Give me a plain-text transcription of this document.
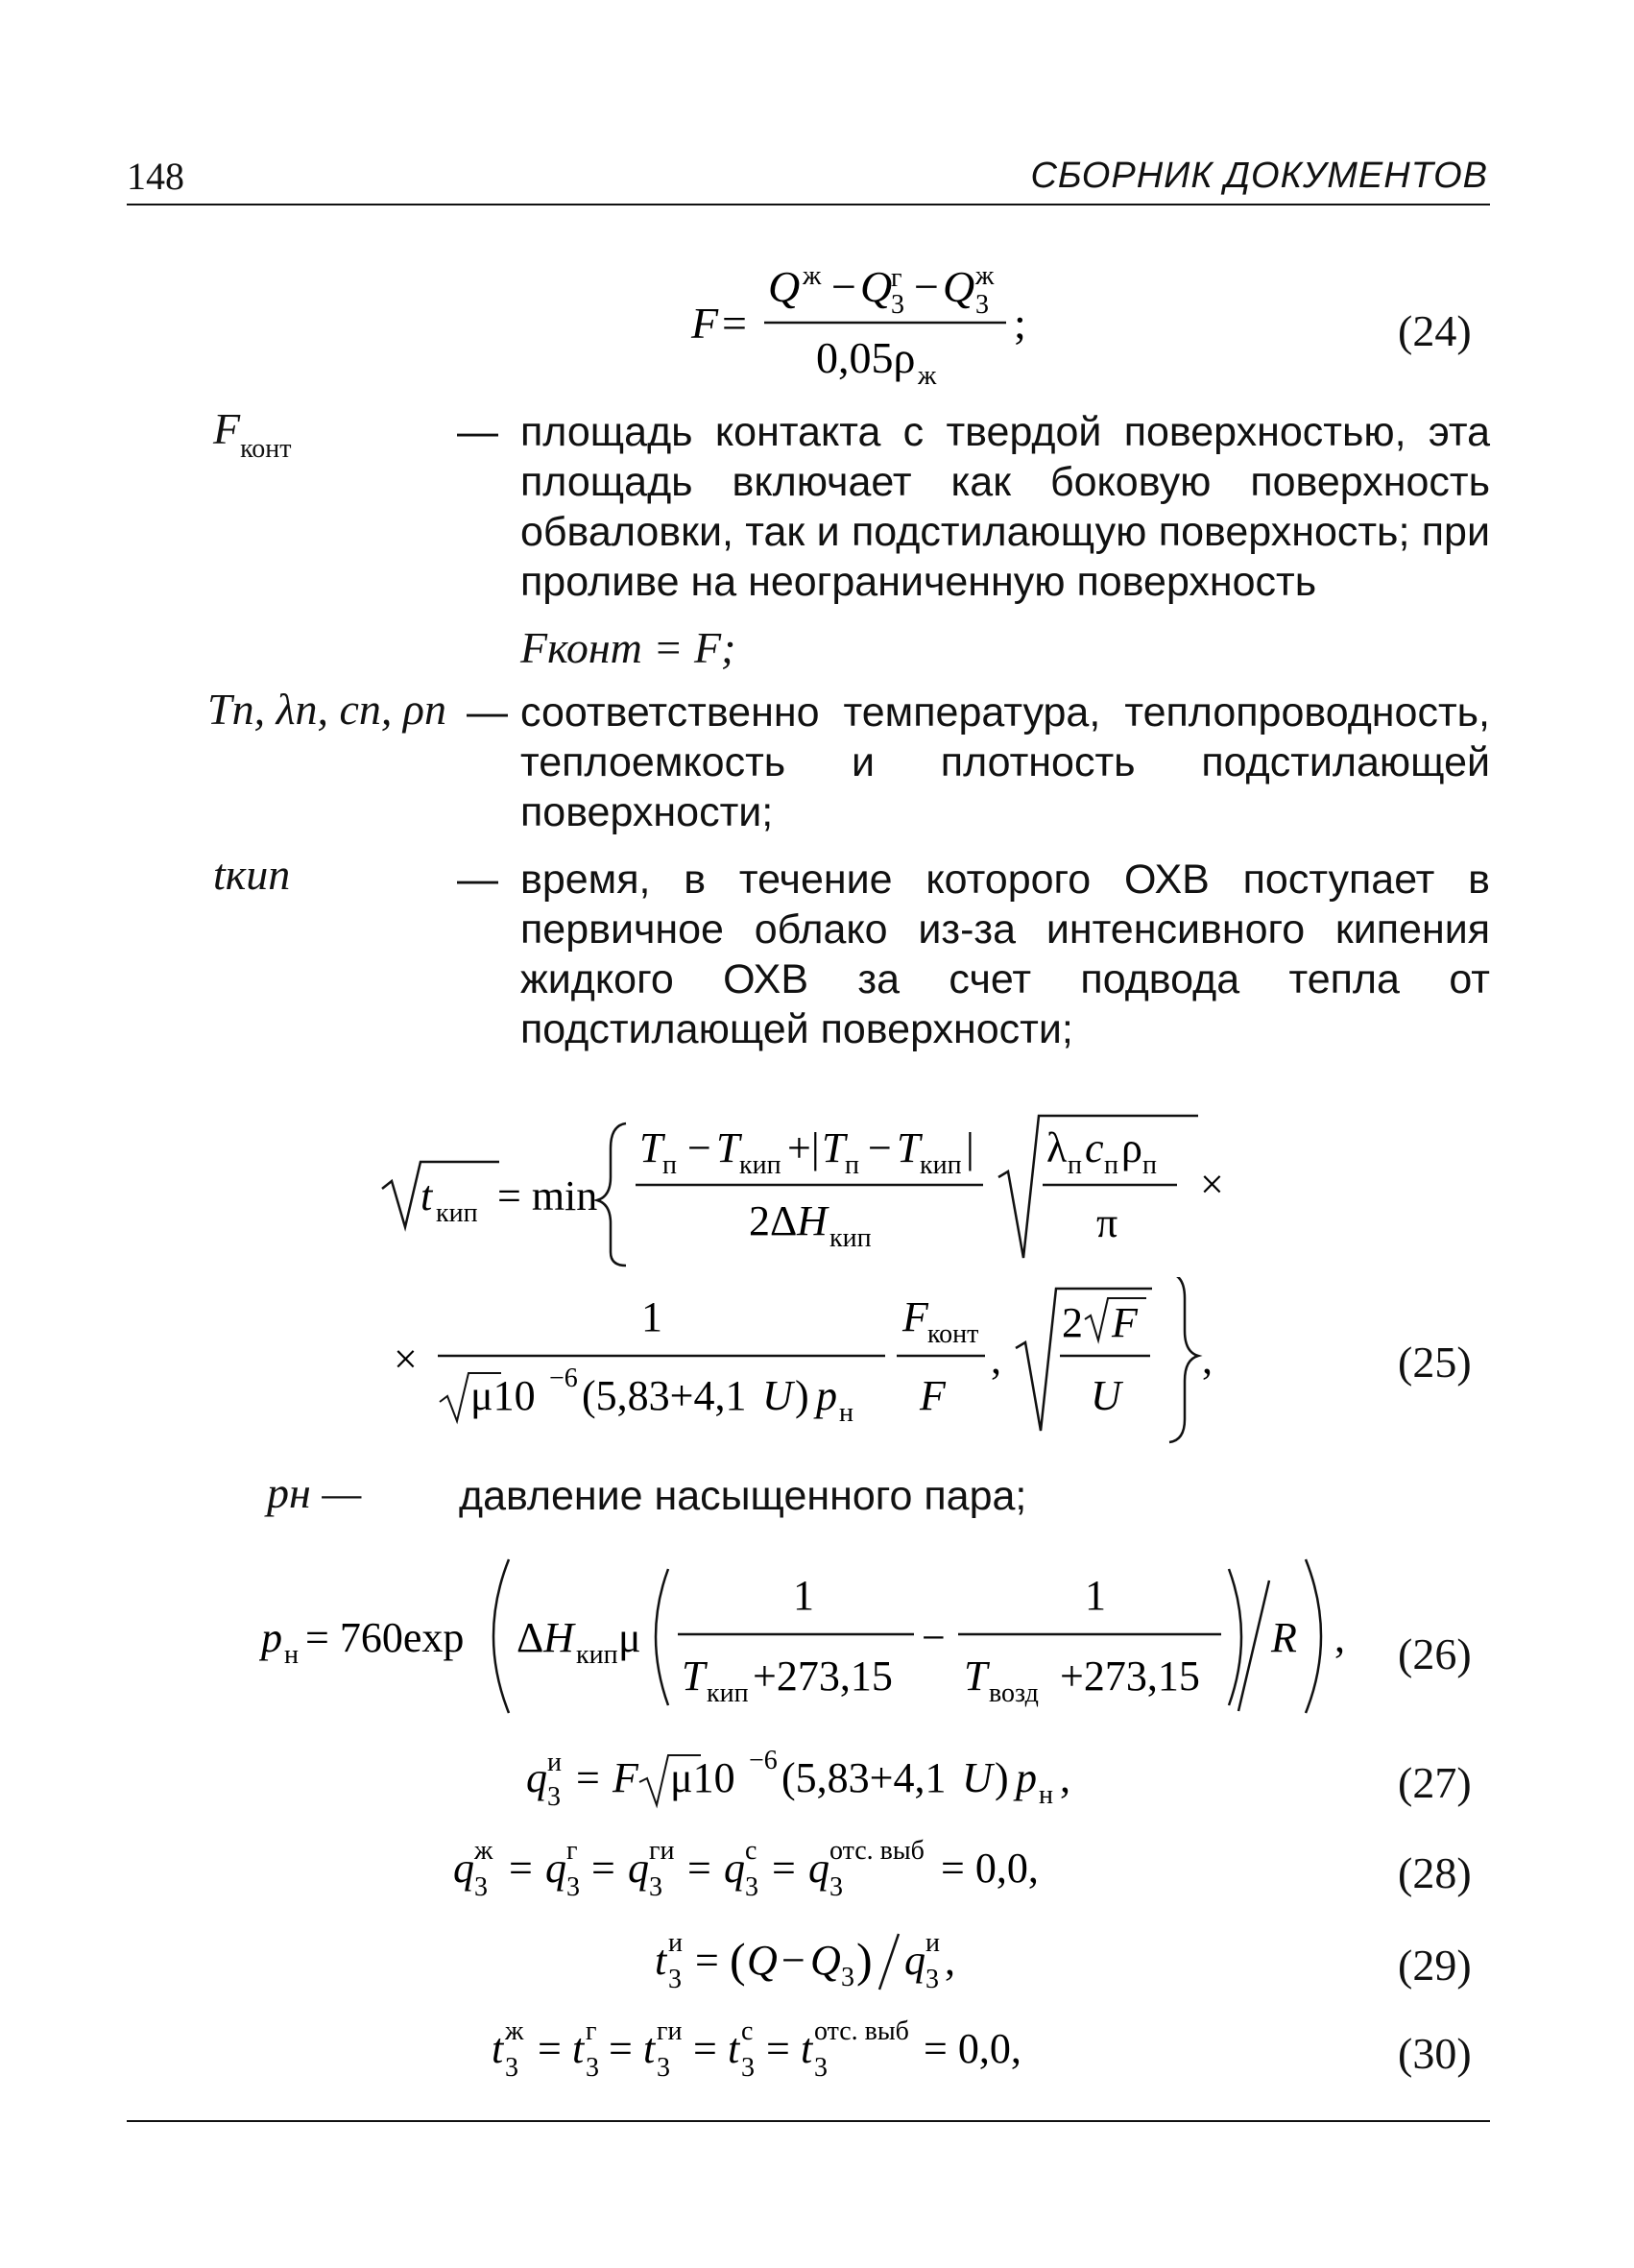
148	СБОРНИК ДОКУМЕНТОВ
F =
Q ж − Q
г
3 − Q ж
3 ;
0,05ρ ж
(24)
$F_{конт}$	— площадь контакта с твердой поверхностью, эта площадь включает как боковую поверхность обваловки, так и подстилающую поверхность; при проливе на неограниченную поверхность
Fконт = F;
Tп, λп, cп, ρп — соответственно температура, теплопроводность, теплоемкость и плотность подстилающей поверхности;
tкип	— время, в течение которого ОХВ поступает в первичное облако из-за интенсивного кипения жидкого ОХВ за счет подвода тепла от подстилающей поверхности;
t кип = min
T п − T кип +| T п − T кип |
2Δ H кип
λ п c п ρ п
π
×
×
1
μ10 −6 (5,83+4,1 U ) p н
F конт
F
,
2 F
U
,	(25)
pн — давление насыщенного пара;
p н = 760exp Δ H кип μ
1
T кип +273,15
−
1
T возд +273,15
R , (26)
q и
3 = F μ10 −6 (5,83+4,1 U ) p н ,	(27)
q ж
3 = q г
3 = q ги
3 = q с
3 = q отс. выб
3 = 0,0,	(28)
t и
3 = ( Q − Q 3 ) q и
3 ,	(29)
t ж
3 = t г
3 = t ги
3 = t с
3 = t отс. выб
3 = 0,0,	(30)
